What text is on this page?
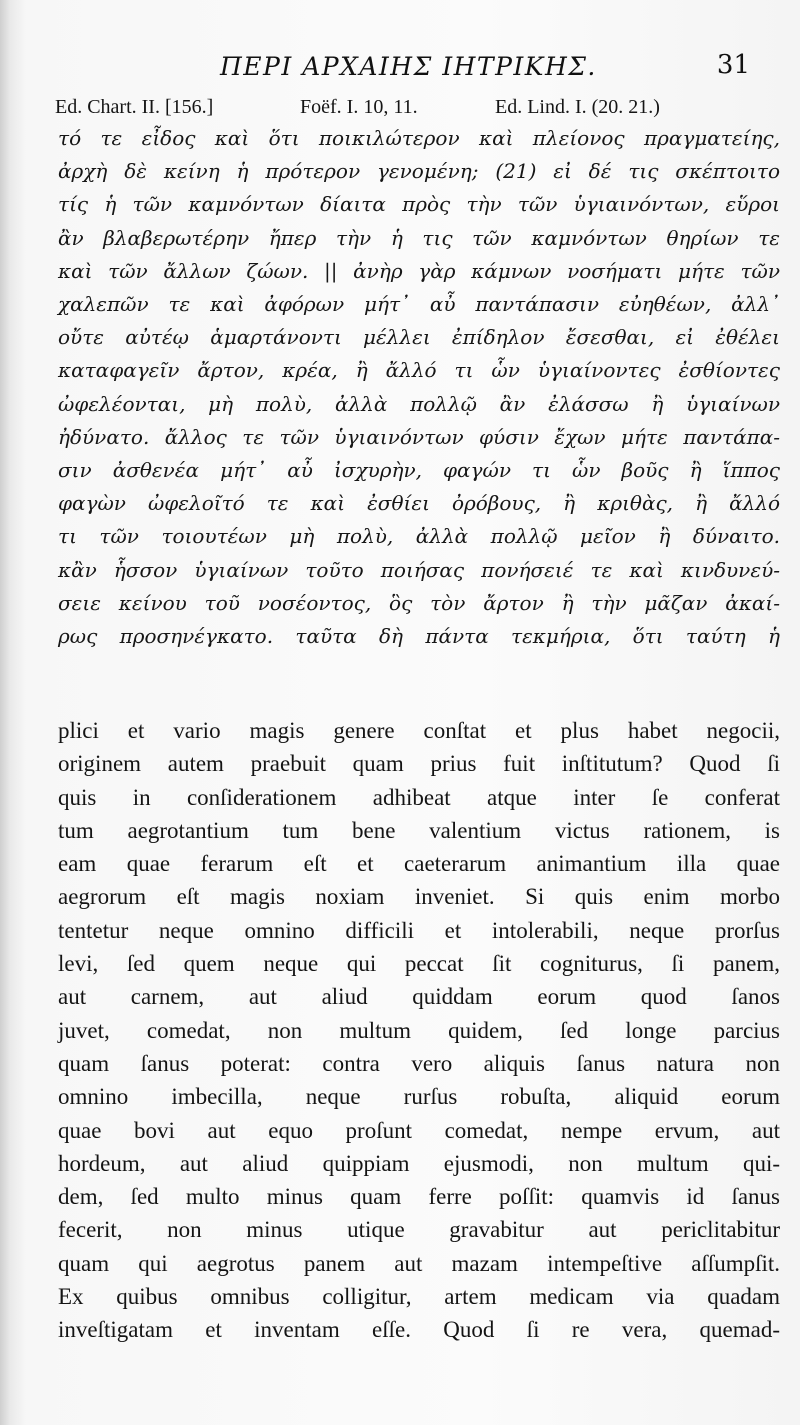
ΠΕΡΙ ΑΡΧΑΙΗΣ ΙΗΤΡΙΚΗΣ.	31
Ed. Chart. II. [156.]	Foëf. I. 10, 11.	Ed. Lind. I. (20. 21.)
τό τε εἶδος καὶ ὅτι ποικιλώτερον καὶ πλείονος πραγματείης,
ἀρχὴ δὲ κείνη ἡ πρότερον γενομένη; (21) εἰ δέ τις σκέπτοιτο
τίς ἡ τῶν καμνόντων δίαιτα πρὸς τὴν τῶν ὑγιαινόντων, εὕροι
ἂν βλαβερωτέρην ἤπερ τὴν ἡ τις τῶν καμνόντων θηρίων τε
καὶ τῶν ἄλλων ζώων. || ἀνὴρ γὰρ κάμνων νοσήματι μήτε τῶν
χαλεπῶν τε καὶ ἀφόρων μήτ᾽ αὖ παντάπασιν εὐηθέων, ἀλλ᾽
οὔτε αὐτέῳ ἁμαρτάνοντι μέλλει ἐπίδηλον ἔσεσθαι, εἰ ἐθέλει
καταφαγεῖν ἄρτον, κρέα, ἢ ἄλλό τι ὧν ὑγιαίνοντες ἐσθίοντες
ὠφελέονται, μὴ πολὺ, ἀλλὰ πολλῷ ἂν ἐλάσσω ἢ ὑγιαίνων
ἠδύνατο. ἄλλος τε τῶν ὑγιαινόντων φύσιν ἔχων μήτε παντάπα-
σιν ἀσθενέα μήτ᾽ αὖ ἰσχυρὴν, φαγών τι ὧν βοῦς ἢ ἵππος
φαγὼν ὠφελοῖτό τε καὶ ἐσθίει ὀρόβους, ἢ κριθὰς, ἢ ἄλλό
τι τῶν τοιουτέων μὴ πολὺ, ἀλλὰ πολλῷ μεῖον ἢ δύναιτο.
κἂν ἧσσον ὑγιαίνων τοῦτο ποιήσας πονήσειέ τε καὶ κινδυνεύ-
σειε κείνου τοῦ νοσέοντος, ὃς τὸν ἄρτον ἢ τὴν μᾶζαν ἀκαί-
ρως προσηνέγκατο. ταῦτα δὴ πάντα τεκμήρια, ὅτι ταύτη ἡ
plici et vario magis genere conſtat et plus habet negocii,
originem autem praebuit quam prius fuit inſtitutum? Quod ſi
quis in conſiderationem adhibeat atque inter ſe conferat
tum aegrotantium tum bene valentium victus rationem, is
eam quae ferarum eſt et caeterarum animantium illa quae
aegrorum eſt magis noxiam inveniet. Si quis enim morbo
tentetur neque omnino difficili et intolerabili, neque prorſus
levi, ſed quem neque qui peccat ſit cogniturus, ſi panem,
aut carnem, aut aliud quiddam eorum quod ſanos
juvet, comedat, non multum quidem, ſed longe parcius
quam ſanus poterat: contra vero aliquis ſanus natura non
omnino imbecilla, neque rurſus robuſta, aliquid eorum
quae bovi aut equo proſunt comedat, nempe ervum, aut
hordeum, aut aliud quippiam ejusmodi, non multum qui-
dem, ſed multo minus quam ferre poſſit: quamvis id ſanus
fecerit, non minus utique gravabitur aut periclitabitur
quam qui aegrotus panem aut mazam intempeſtive aſſumpſit.
Ex quibus omnibus colligitur, artem medicam via quadam
inveſtigatam et inventam eſſe. Quod ſi re vera, quemad-
